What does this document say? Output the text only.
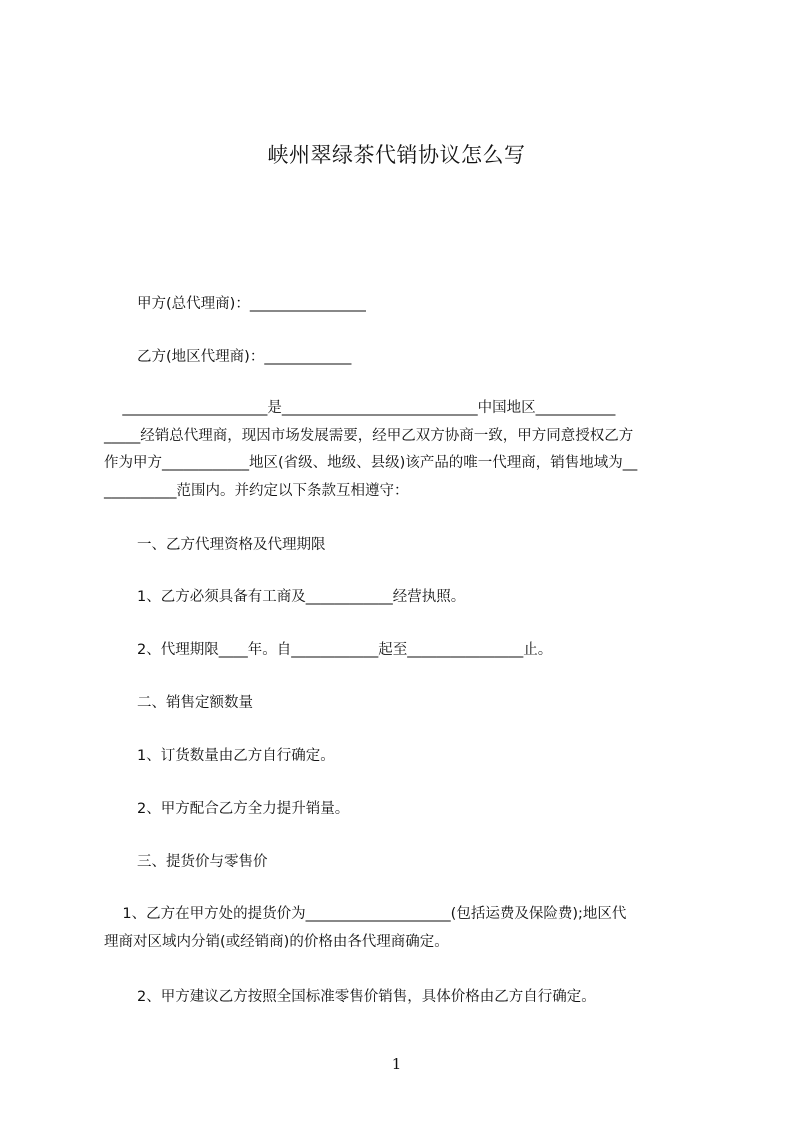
峡州翠绿茶代销协议怎么写
甲方(总代理商)：________________
乙方(地区代理商)：____________
____________________是___________________________中国地区___________
_____经销总代理商，现因市场发展需要，经甲乙双方协商一致，甲方同意授权乙方
作为甲方____________地区(省级、地级、县级)该产品的唯一代理商，销售地域为__
__________范围内。并约定以下条款互相遵守：
一、乙方代理资格及代理期限
1、乙方必须具备有工商及____________经营执照。
2、代理期限____年。自____________起至________________止。
二、销售定额数量
1、订货数量由乙方自行确定。
2、甲方配合乙方全力提升销量。
三、提货价与零售价
1、乙方在甲方处的提货价为____________________(包括运费及保险费);地区代
理商对区域内分销(或经销商)的价格由各代理商确定。
2、甲方建议乙方按照全国标准零售价销售，具体价格由乙方自行确定。
1
